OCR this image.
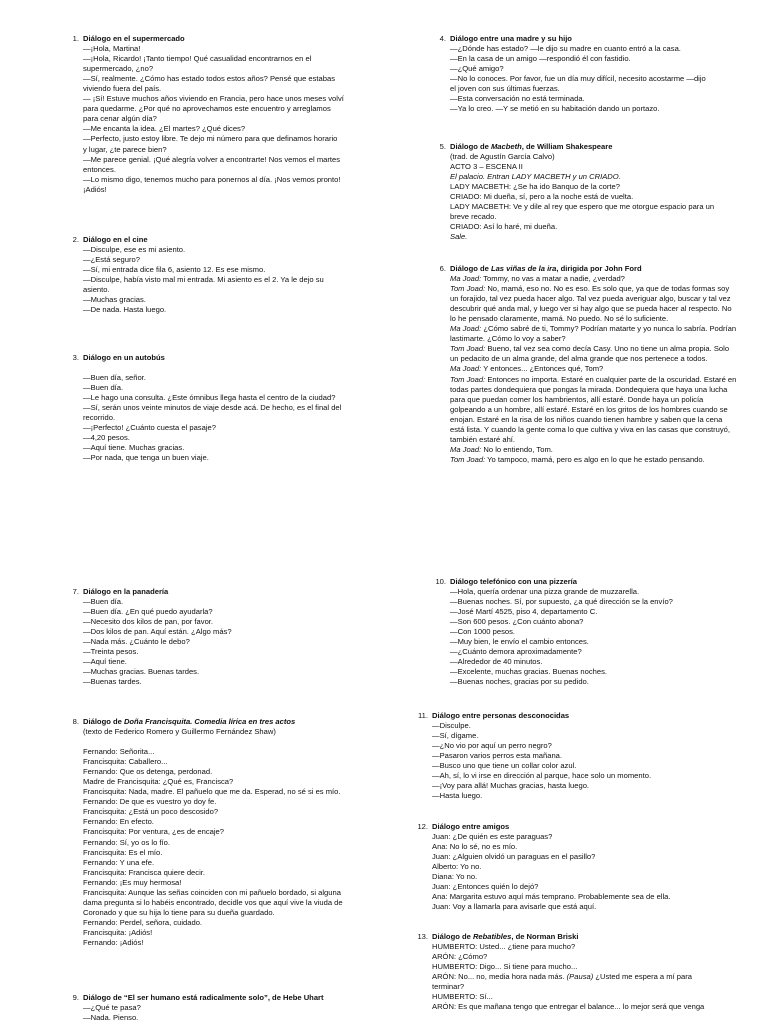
1. Diálogo en el supermercado
—¡Hola, Martina!
—¡Hola, Ricardo! ¡Tanto tiempo! Qué casualidad encontrarnos en el
supermercado, ¿no?
—Sí, realmente. ¿Cómo has estado todos estos años? Pensé que estabas
viviendo fuera del país.
— ¡Sí! Estuve muchos años viviendo en Francia, pero hace unos meses volví
para quedarme. ¿Por qué no aprovechamos este encuentro y arreglamos
para cenar algún día?
—Me encanta la idea. ¿El martes? ¿Qué dices?
—Perfecto, justo estoy libre. Te dejo mi número para que definamos horario
y lugar, ¿te parece bien?
—Me parece genial. ¡Qué alegría volver a encontrarte! Nos vemos el martes
entonces.
—Lo mismo digo, tenemos mucho para ponernos al día. ¡Nos vemos pronto!
¡Adiós!
2. Diálogo en el cine
—Disculpe, ese es mi asiento.
—¿Está seguro?
—Sí, mi entrada dice fila 6, asiento 12. Es ese mismo.
—Disculpe, había visto mal mi entrada. Mi asiento es el 2. Ya le dejo su
asiento.
—Muchas gracias.
—De nada. Hasta luego.
3. Diálogo en un autobús
—Buen día, señor.
—Buen día.
—Le hago una consulta. ¿Este ómnibus llega hasta el centro de la ciudad?
—Sí, serán unos veinte minutos de viaje desde acá. De hecho, es el final del
recorrido.
—¡Perfecto! ¿Cuánto cuesta el pasaje?
—4,20 pesos.
—Aquí tiene. Muchas gracias.
—Por nada, que tenga un buen viaje.
4. Diálogo entre una madre y su hijo
—¿Dónde has estado? —le dijo su madre en cuanto entró a la casa.
—En la casa de un amigo —respondió él con fastidio.
—¿Qué amigo?
—No lo conoces. Por favor, fue un día muy difícil, necesito acostarme —dijo
el joven con sus últimas fuerzas.
—Esta conversación no está terminada.
—Ya lo creo. —Y se metió en su habitación dando un portazo.
5. Diálogo de Macbeth, de William Shakespeare
(trad. de Agustín García Calvo)
ACTO 3 – ESCENA II
El palacio. Entran LADY MACBETH y un CRIADO.
LADY MACBETH: ¿Se ha ido Banquo de la corte?
CRIADO: Mi dueña, sí, pero a la noche está de vuelta.
LADY MACBETH: Ve y dile al rey que espero que me otorgue espacio para un
breve recado.
CRIADO: Así lo haré, mi dueña.
Sale.
6. Diálogo de Las viñas de la ira, dirigida por John Ford
Ma Joad: Tommy, no vas a matar a nadie, ¿verdad?
Tom Joad: No, mamá, eso no. No es eso. Es solo que, ya que de todas formas soy un forajido, tal vez pueda hacer algo. Tal vez pueda averiguar algo, buscar y tal vez descubrir qué anda mal, y luego ver si hay algo que se pueda hacer al respecto. No lo he pensado claramente, mamá. No puedo. No sé lo suficiente.
Ma Joad: ¿Cómo sabré de ti, Tommy? Podrían matarte y yo nunca lo sabría. Podrían lastimarte. ¿Cómo lo voy a saber?
Tom Joad: Bueno, tal vez sea como decía Casy. Uno no tiene un alma propia. Solo un pedacito de un alma grande, del alma grande que nos pertenece a todos.
Ma Joad: Y entonces... ¿Entonces qué, Tom?
Tom Joad: Entonces no importa. Estaré en cualquier parte de la oscuridad. Estaré en todas partes dondequiera que pongas la mirada. Dondequiera que haya una lucha para que puedan comer los hambrientos, allí estaré. Donde haya un policía golpeando a un hombre, allí estaré. Estaré en los gritos de los hombres cuando se enojan. Estaré en la risa de los niños cuando tienen hambre y saben que la cena está lista. Y cuando la gente coma lo que cultiva y viva en las casas que construyó, también estaré ahí.
Ma Joad: No lo entiendo, Tom.
Tom Joad: Yo tampoco, mamá, pero es algo en lo que he estado pensando.
7. Diálogo en la panadería
—Buen día.
—Buen día. ¿En qué puedo ayudarla?
—Necesito dos kilos de pan, por favor.
—Dos kilos de pan. Aquí están. ¿Algo más?
—Nada más. ¿Cuánto le debo?
—Treinta pesos.
—Aquí tiene.
—Muchas gracias. Buenas tardes.
—Buenas tardes.
8. Diálogo de Doña Francisquita. Comedia lírica en tres actos
(texto de Federico Romero y Guillermo Fernández Shaw)
Fernando: Señorita...
Francisquita: Caballero...
Fernando: Que os detenga, perdonad.
Madre de Francisquita: ¿Qué es, Francisca?
Francisquita: Nada, madre. El pañuelo que me da. Esperad, no sé si es mío.
Fernando: De que es vuestro yo doy fe.
Francisquita: ¿Está un poco descosido?
Fernando: En efecto.
Francisquita: Por ventura, ¿es de encaje?
Fernando: Sí, yo os lo fío.
Francisquita: Es el mío.
Fernando: Y una efe.
Francisquita: Francisca quiere decir.
Fernando: ¡Es muy hermosa!
Francisquita: Aunque las señas coinciden con mi pañuelo bordado, si alguna
dama pregunta si lo habéis encontrado, decidle vos que aquí vive la viuda de
Coronado y que su hija lo tiene para su dueña guardado.
Fernando: Perdel, señora, cuidado.
Francisquita: ¡Adiós!
Fernando: ¡Adiós!
9. Diálogo de “El ser humano está radicalmente solo”, de Hebe Uhart
—¿Qué te pasa?
—Nada. Pienso.
10. Diálogo telefónico con una pizzería
—Hola, quería ordenar una pizza grande de muzzarella.
—Buenas noches. Sí, por supuesto, ¿a qué dirección se la envío?
—José Martí 4525, piso 4, departamento C.
—Son 600 pesos. ¿Con cuánto abona?
—Con 1000 pesos.
—Muy bien, le envío el cambio entonces.
—¿Cuánto demora aproximadamente?
—Alrededor de 40 minutos.
—Excelente, muchas gracias. Buenas noches.
—Buenas noches, gracias por su pedido.
11. Diálogo entre personas desconocidas
—Disculpe.
—Sí, dígame.
—¿No vio por aquí un perro negro?
—Pasaron varios perros esta mañana.
—Busco uno que tiene un collar color azul.
—Ah, sí, lo vi irse en dirección al parque, hace solo un momento.
—¡Voy para allá! Muchas gracias, hasta luego.
—Hasta luego.
12. Diálogo entre amigos
Juan: ¿De quién es este paraguas?
Ana: No lo sé, no es mío.
Juan: ¿Alguien olvidó un paraguas en el pasillo?
Alberto: Yo no.
Diana: Yo no.
Juan: ¿Entonces quién lo dejó?
Ana: Margarita estuvo aquí más temprano. Probablemente sea de ella.
Juan: Voy a llamarla para avisarle que está aquí.
13. Diálogo de Rebatibles, de Norman Briski
HUMBERTO: Usted... ¿tiene para mucho?
ARÓN: ¿Cómo?
HUMBERTO: Digo... Si tiene para mucho...
ARÓN: No... no, media hora nada más. (Pausa) ¿Usted me espera a mí para
terminar?
HUMBERTO: Sí...
ARÓN: Es que mañana tengo que entregar el balance... lo mejor será que venga
